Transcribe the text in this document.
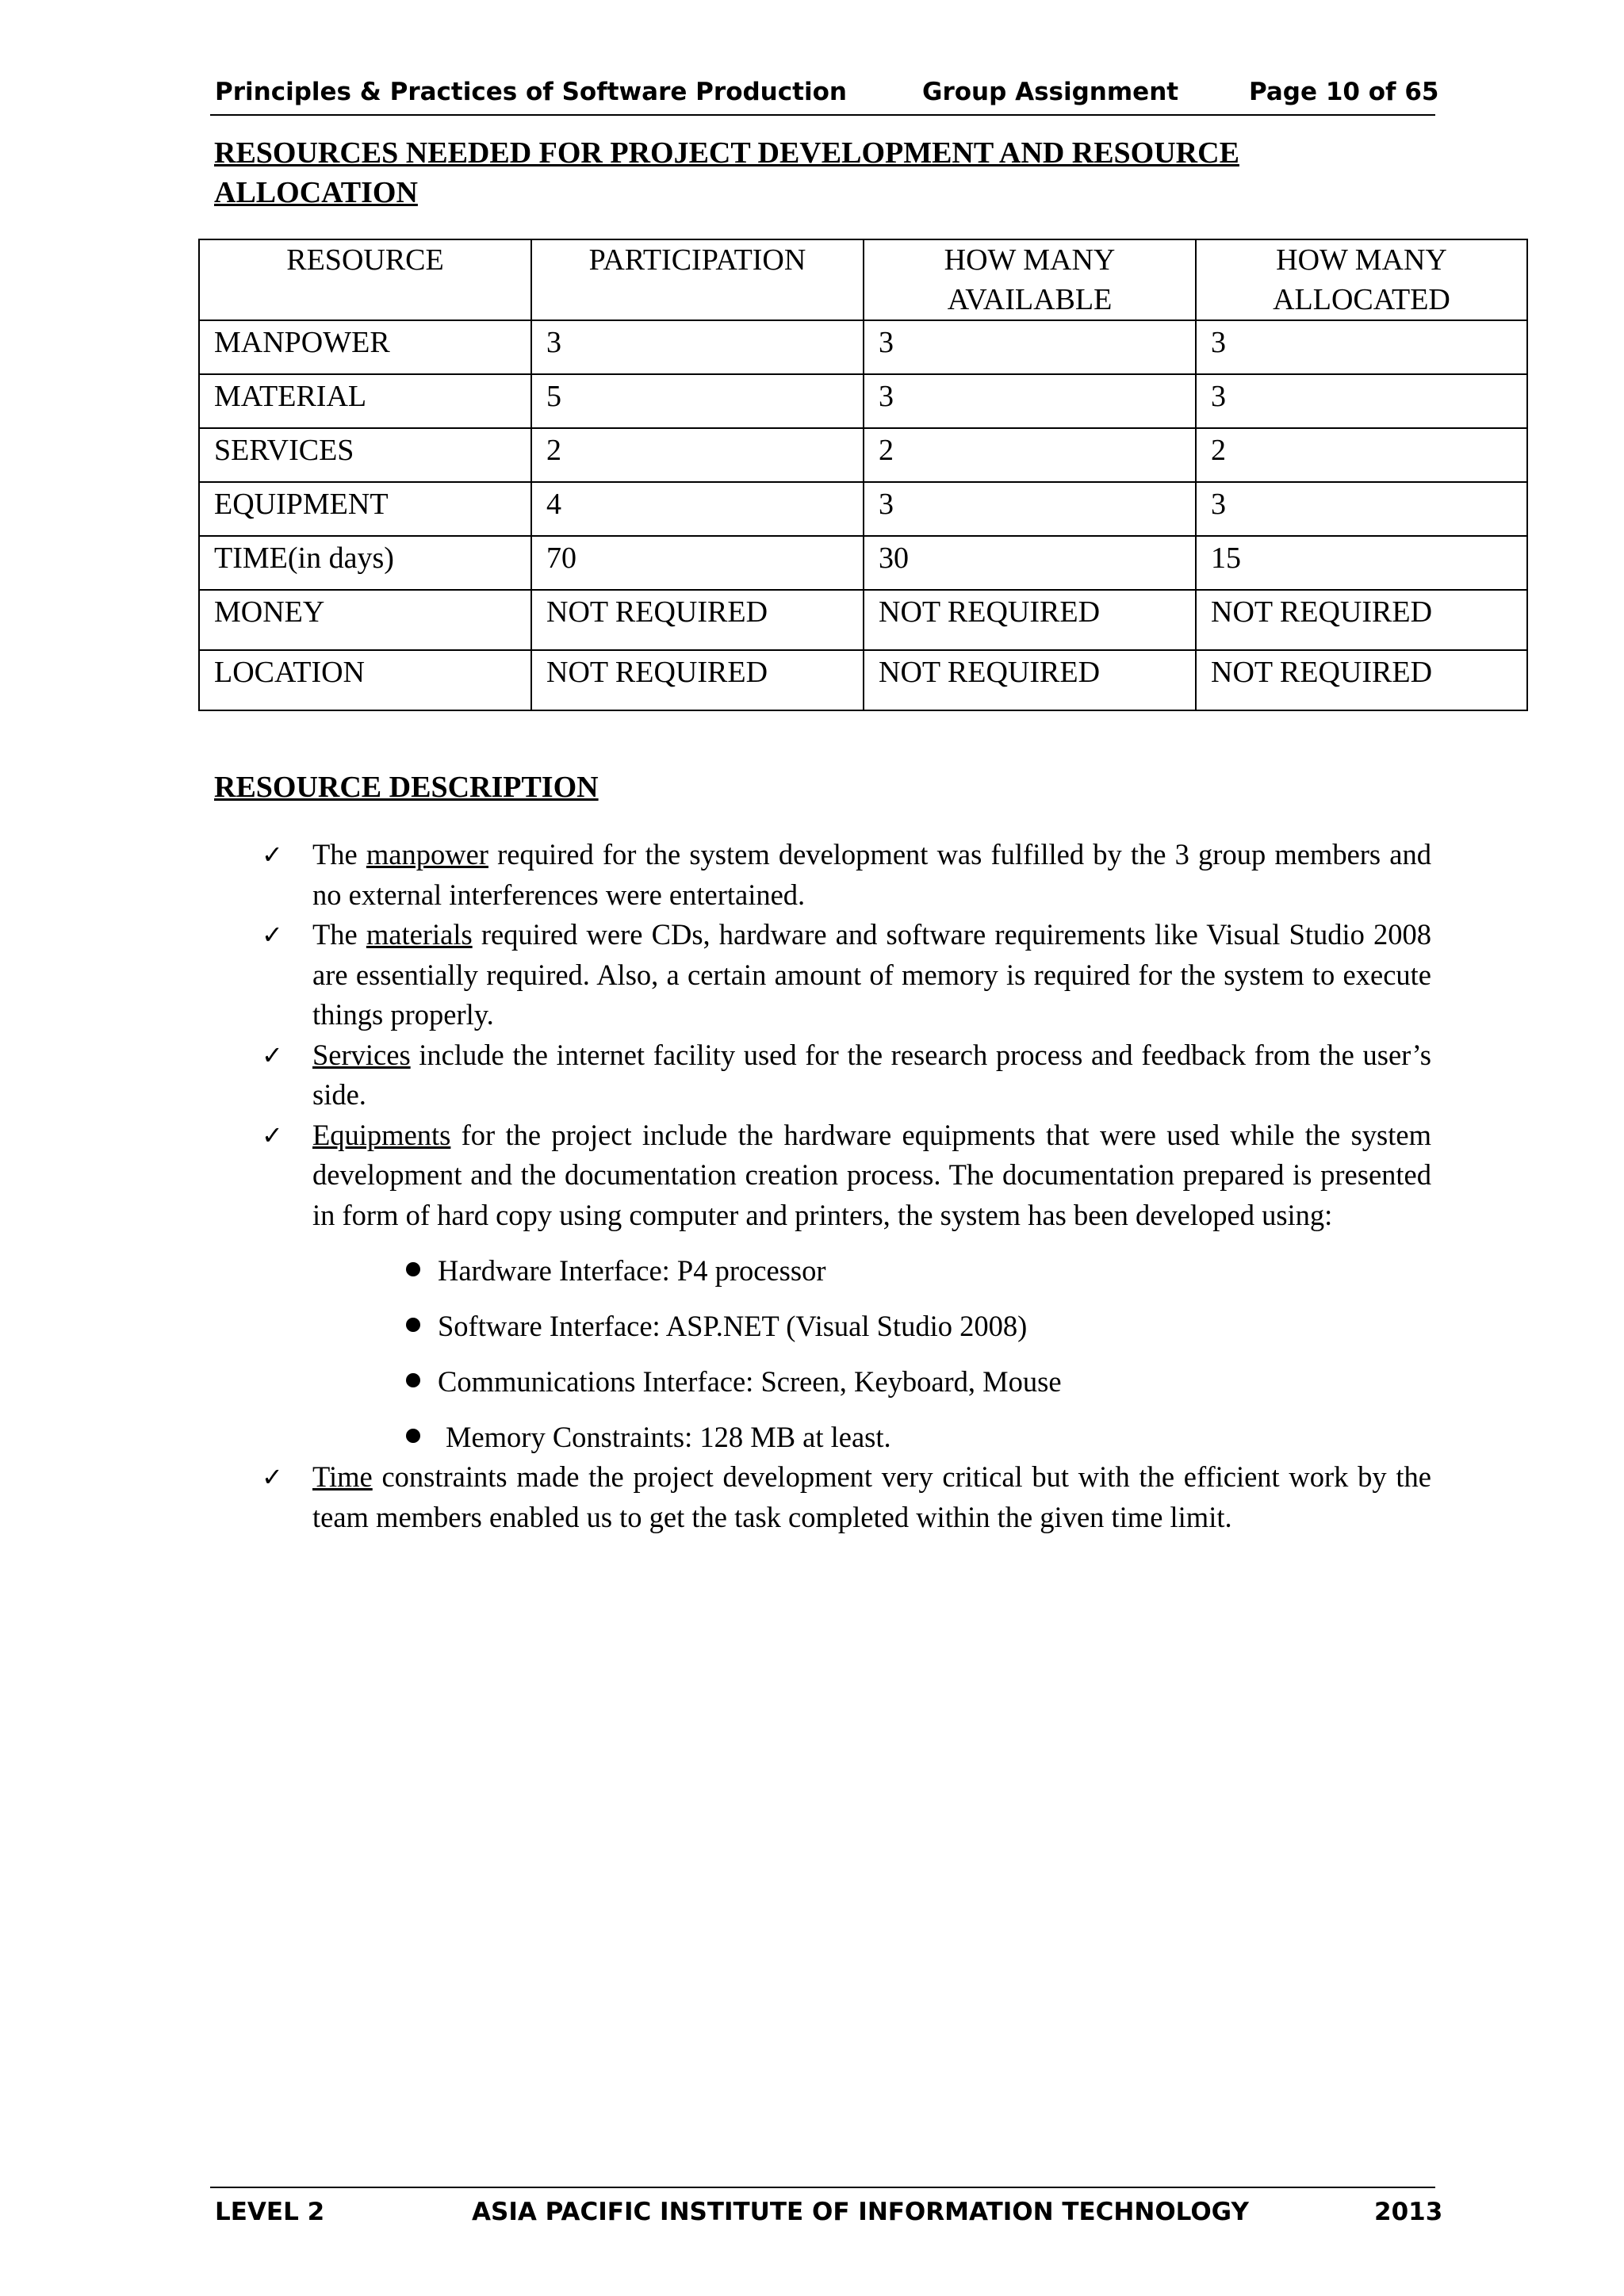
Principles & Practices of Software Production	Group Assignment	Page 10 of 65
RESOURCES NEEDED FOR PROJECT DEVELOPMENT AND RESOURCE ALLOCATION
RESOURCE	PARTICIPATION	HOW MANY AVAILABLE	HOW MANY ALLOCATED
MANPOWER	3	3	3
MATERIAL	5	3	3
SERVICES	2	2	2
EQUIPMENT	4	3	3
TIME(in days)	70	30	15
MONEY	NOT REQUIRED	NOT REQUIRED	NOT REQUIRED
LOCATION	NOT REQUIRED	NOT REQUIRED	NOT REQUIRED
RESOURCE DESCRIPTION
✓ The manpower required for the system development was fulfilled by the 3 group members and no external interferences were entertained.
✓ The materials required were CDs, hardware and software requirements like Visual Studio 2008 are essentially required. Also, a certain amount of memory is required for the system to execute things properly.
✓ Services include the internet facility used for the research process and feedback from the user’s side.
✓ Equipments for the project include the hardware equipments that were used while the system development and the documentation creation process. The documentation prepared is presented in form of hard copy using computer and printers, the system has been developed using:
Hardware Interface: P4 processor
Software Interface: ASP.NET (Visual Studio 2008)
Communications Interface: Screen, Keyboard, Mouse
Memory Constraints: 128 MB at least.
✓ Time constraints made the project development very critical but with the efficient work by the team members enabled us to get the task completed within the given time limit.
LEVEL 2	ASIA PACIFIC INSTITUTE OF INFORMATION TECHNOLOGY	2013
